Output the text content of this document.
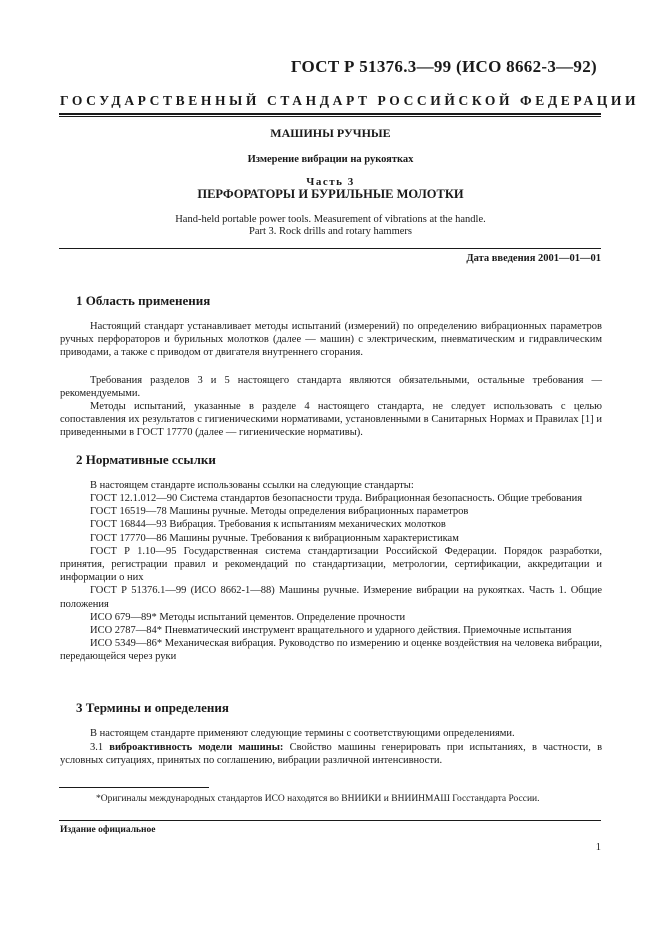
ГОСТ Р 51376.3—99 (ИСО 8662-3—92)
ГОСУДАРСТВЕННЫЙ СТАНДАРТ РОССИЙСКОЙ ФЕДЕРАЦИИ
МАШИНЫ РУЧНЫЕ
Измерение вибрации на рукоятках
Часть 3
ПЕРФОРАТОРЫ И БУРИЛЬНЫЕ МОЛОТКИ
Hand-held portable power tools. Measurement of vibrations at the handle.
Part 3. Rock drills and rotary hammers
Дата введения 2001—01—01
1 Область применения
Настоящий стандарт устанавливает методы испытаний (измерений) по определению вибрационных параметров ручных перфораторов и бурильных молотков (далее — машин) с электрическим, пневматическим и гидравлическим приводами, а также с приводом от двигателя внутреннего сгорания.
Требования разделов 3 и 5 настоящего стандарта являются обязательными, остальные требования — рекомендуемыми.
Методы испытаний, указанные в разделе 4 настоящего стандарта, не следует использовать с целью сопоставления их результатов с гигиеническими нормативами, установленными в Санитарных Нормах и Правилах [1] и приведенными в ГОСТ 17770 (далее — гигиенические нормативы).
2 Нормативные ссылки
В настоящем стандарте использованы ссылки на следующие стандарты:
ГОСТ 12.1.012—90 Система стандартов безопасности труда. Вибрационная безопасность. Общие требования
ГОСТ 16519—78 Машины ручные. Методы определения вибрационных параметров
ГОСТ 16844—93 Вибрация. Требования к испытаниям механических молотков
ГОСТ 17770—86 Машины ручные. Требования к вибрационным характеристикам
ГОСТ Р 1.10—95 Государственная система стандартизации Российской Федерации. Порядок разработки, принятия, регистрации правил и рекомендаций по стандартизации, метрологии, сертификации, аккредитации и информации о них
ГОСТ Р 51376.1—99 (ИСО 8662-1—88) Машины ручные. Измерение вибрации на рукоятках. Часть 1. Общие положения
ИСО 679—89* Методы испытаний цементов. Определение прочности
ИСО 2787—84* Пневматический инструмент вращательного и ударного действия. Приемочные испытания
ИСО 5349—86* Механическая вибрация. Руководство по измерению и оценке воздействия на человека вибрации, передающейся через руки
3 Термины и определения
В настоящем стандарте применяют следующие термины с соответствующими определениями.
3.1 виброактивность модели машины: Свойство машины генерировать при испытаниях, в частности, в условных ситуациях, принятых по соглашению, вибрации различной интенсивности.
*Оригиналы международных стандартов ИСО находятся во ВНИИКИ и ВНИИНМАШ Госстандарта России.
Издание официальное
1
